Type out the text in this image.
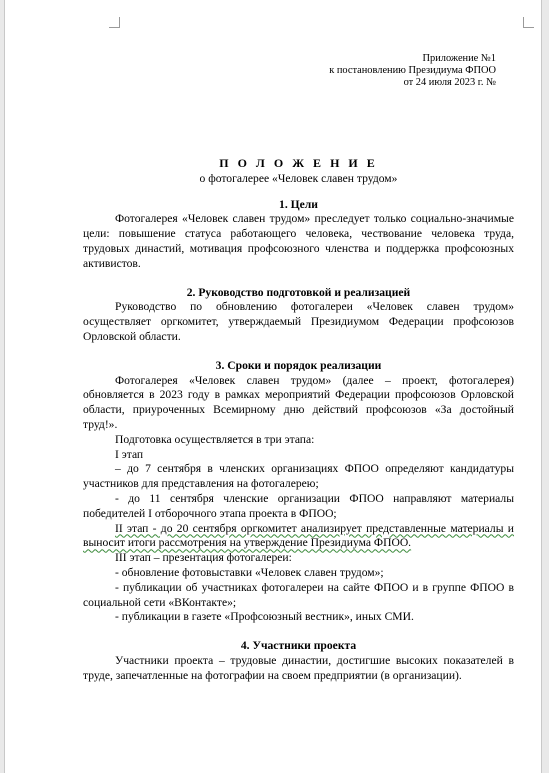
Приложение №1
к постановлению Президиума ФПОО
от 24 июля 2023 г. №
П О Л О Ж Е Н И Е
о фотогалерее «Человек славен трудом»
1. Цели

Фотогалерея «Человек славен трудом» преследует только социально-значимые цели: повышение статуса работающего человека, чествование человека труда, трудовых династий, мотивация профсоюзного членства и поддержка профсоюзных активистов.

2. Руководство подготовкой и реализацией

Руководство по обновлению фотогалереи «Человек славен трудом» осуществляет оргкомитет, утверждаемый Президиумом Федерации профсоюзов Орловской области.

3. Сроки и порядок реализации

Фотогалерея «Человек славен трудом» (далее – проект, фотогалерея) обновляется в 2023 году в рамках мероприятий Федерации профсоюзов Орловской области, приуроченных Всемирному дню действий профсоюзов «За достойный труд!».

Подготовка осуществляется в три этапа:

I этап

– до 7 сентября в членских организациях ФПОО определяют кандидатуры участников для представления на фотогалерею;

- до 11 сентября членские организации ФПОО направляют материалы победителей I отборочного этапа проекта в ФПОО;

II этап - до 20 сентября оргкомитет анализирует представленные материалы и выносит итоги рассмотрения на утверждение Президиума ФПОО.

III этап – презентация фотогалереи:

- обновление фотовыставки «Человек славен трудом»;

- публикации об участниках фотогалереи на сайте ФПОО и в группе ФПОО в социальной сети «ВКонтакте»;

- публикации в газете «Профсоюзный вестник», иных СМИ.

4. Участники проекта

Участники проекта – трудовые династии, достигшие высоких показателей в труде, запечатленные на фотографии на своем предприятии (в организации).
